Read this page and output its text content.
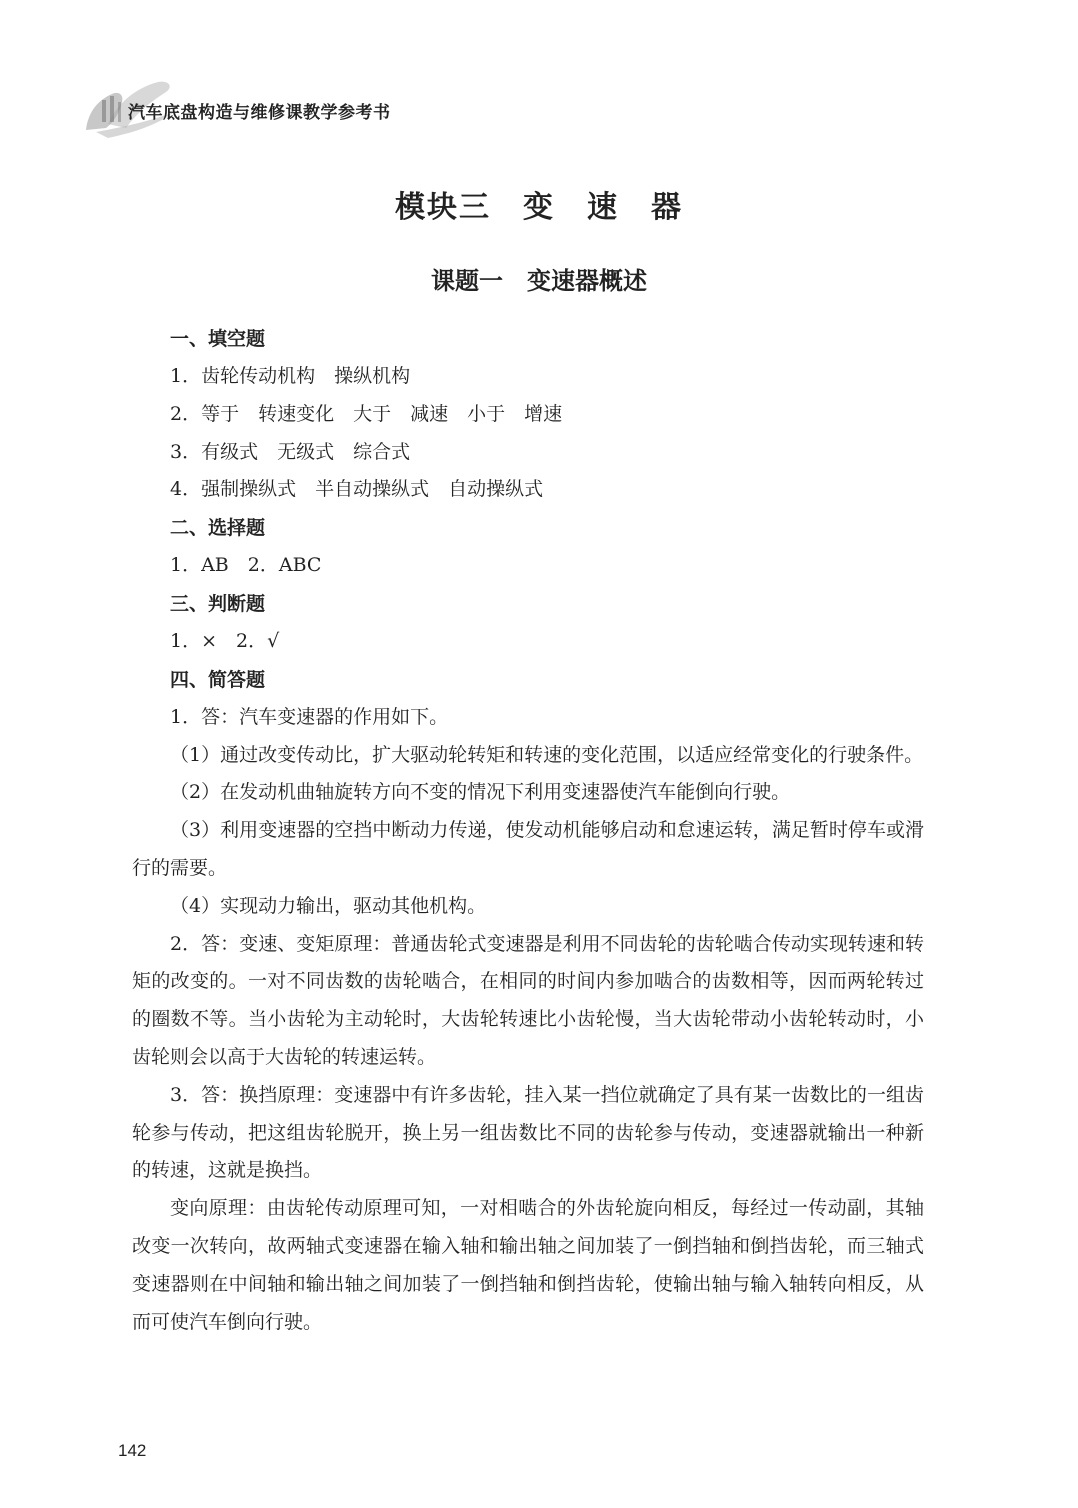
汽车底盘构造与维修课教学参考书
模块三　变　速　器
课题一　变速器概述

一、填空题

1．齿轮传动机构　操纵机构

2．等于　转速变化　大于　减速　小于　增速

3．有级式　无级式　综合式

4．强制操纵式　半自动操纵式　自动操纵式

二、选择题

1．AB　2．ABC

三、判断题

1．×　2．√

四、简答题

1．答：汽车变速器的作用如下。

（1）通过改变传动比，扩大驱动轮转矩和转速的变化范围，以适应经常变化的行驶条件。

（2）在发动机曲轴旋转方向不变的情况下利用变速器使汽车能倒向行驶。

（3）利用变速器的空挡中断动力传递，使发动机能够启动和怠速运转，满足暂时停车或滑行的需要。

（4）实现动力输出，驱动其他机构。

2．答：变速、变矩原理：普通齿轮式变速器是利用不同齿轮的齿轮啮合传动实现转速和转矩的改变的。一对不同齿数的齿轮啮合，在相同的时间内参加啮合的齿数相等，因而两轮转过的圈数不等。当小齿轮为主动轮时，大齿轮转速比小齿轮慢，当大齿轮带动小齿轮转动时，小齿轮则会以高于大齿轮的转速运转。

3．答：换挡原理：变速器中有许多齿轮，挂入某一挡位就确定了具有某一齿数比的一组齿轮参与传动，把这组齿轮脱开，换上另一组齿数比不同的齿轮参与传动，变速器就输出一种新的转速，这就是换挡。

变向原理：由齿轮传动原理可知，一对相啮合的外齿轮旋向相反，每经过一传动副，其轴改变一次转向，故两轴式变速器在输入轴和输出轴之间加装了一倒挡轴和倒挡齿轮，而三轴式变速器则在中间轴和输出轴之间加装了一倒挡轴和倒挡齿轮，使输出轴与输入轴转向相反，从而可使汽车倒向行驶。

142
